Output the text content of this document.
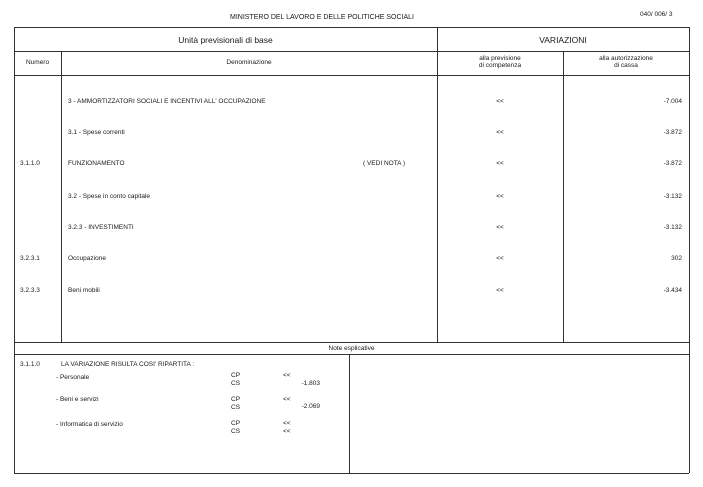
MINISTERO DEL LAVORO E DELLE POLITICHE SOCIALI	040/ 006/ 3
Unità previsionali di base	VARIAZIONI
Numero	Denominazione
alla previsione
di competenza
alla autorizzazione
di cassa
3 - AMMORTIZZATORI SOCIALI E INCENTIVI ALL' OCCUPAZIONE	<<	-7.004
3.1 - Spese correnti	<<	-3.872
3.1.1.0	FUNZIONAMENTO	( VEDI NOTA )	<<	-3.872
3.2 - Spese in conto capitale	<<	-3.132
3.2.3 - INVESTIMENTI	<<	-3.132
3.2.3.1	Occupazione	<<	302
3.2.3.3	Beni mobili	<<	-3.434
Note esplicative
3.1.1.0	LA VARIAZIONE RISULTA COSI' RIPARTITA :
- Personale	CP	<<
CS	-1.803
- Beni e servizi	CP	<<
CS	-2.069
- Informatica di servizio	CP	<<
CS	<<
